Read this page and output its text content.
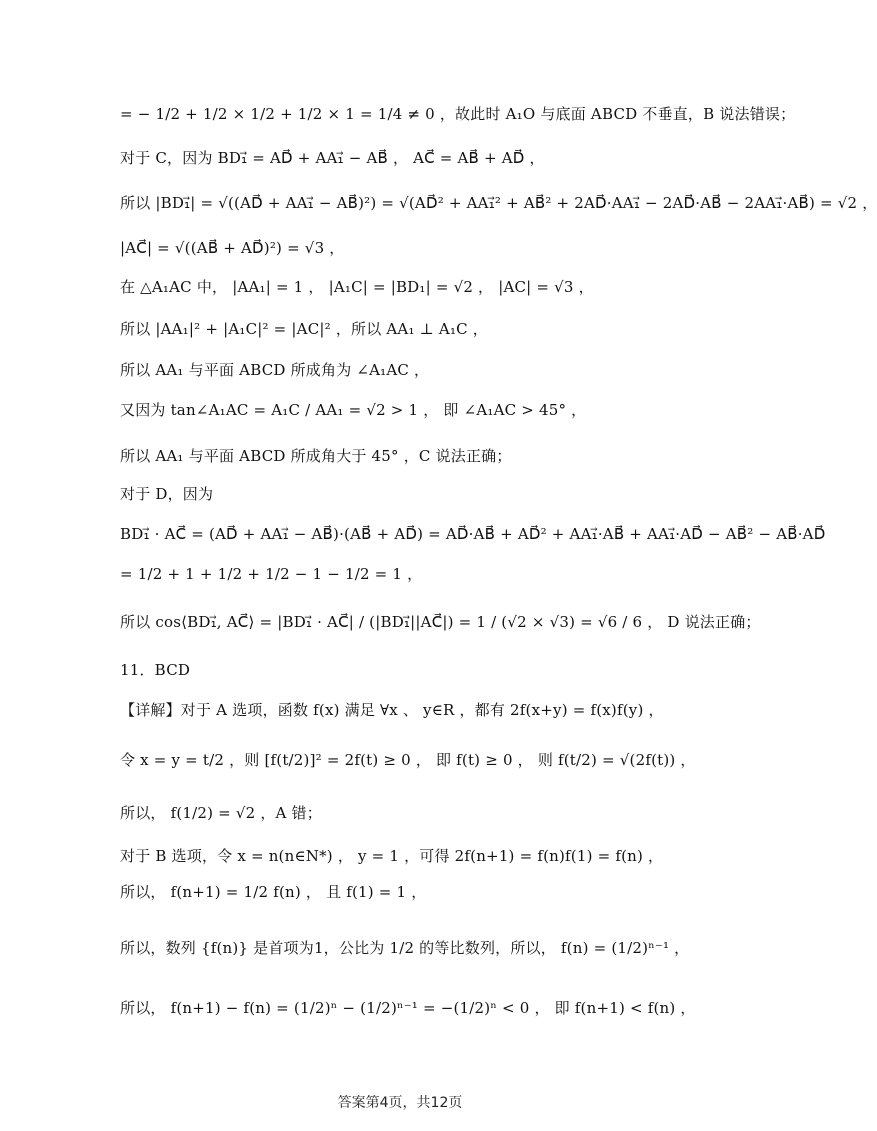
= − 1/2 + 1/2 × 1/2 + 1/2 × 1 = 1/4 ≠ 0 ，故此时 A₁O 与底面 ABCD 不垂直，B 说法错误；
对于 C，因为 BD₁⃗ = AD⃗ + AA₁⃗ − AB⃗ ， AC⃗ = AB⃗ + AD⃗ ，
所以 |BD₁⃗| = √((AD⃗ + AA₁⃗ − AB⃗)²) = √(AD⃗² + AA₁⃗² + AB⃗² + 2AD⃗·AA₁⃗ − 2AD⃗·AB⃗ − 2AA₁⃗·AB⃗) = √2 ，
|AC⃗| = √((AB⃗ + AD⃗)²) = √3 ，
在 △A₁AC 中， |AA₁| = 1 ， |A₁C| = |BD₁| = √2 ， |AC| = √3 ，
所以 |AA₁|² + |A₁C|² = |AC|² ，所以 AA₁ ⊥ A₁C ，
所以 AA₁ 与平面 ABCD 所成角为 ∠A₁AC ，
又因为 tan∠A₁AC = A₁C / AA₁ = √2 > 1 ， 即 ∠A₁AC > 45° ，
所以 AA₁ 与平面 ABCD 所成角大于 45° ，C 说法正确；
对于 D，因为
BD₁⃗ · AC⃗ = (AD⃗ + AA₁⃗ − AB⃗)·(AB⃗ + AD⃗) = AD⃗·AB⃗ + AD⃗² + AA₁⃗·AB⃗ + AA₁⃗·AD⃗ − AB⃗² − AB⃗·AD⃗
= 1/2 + 1 + 1/2 + 1/2 − 1 − 1/2 = 1 ，
所以 cos⟨BD₁⃗, AC⃗⟩ = |BD₁⃗ · AC⃗| / (|BD₁⃗||AC⃗|) = 1 / (√2 × √3) = √6 / 6 ， D 说法正确；
11．BCD
【详解】对于 A 选项，函数 f(x) 满足 ∀x 、 y∈R ，都有 2f(x+y) = f(x)f(y) ，
令 x = y = t/2 ，则 [f(t/2)]² = 2f(t) ≥ 0 ， 即 f(t) ≥ 0 ， 则 f(t/2) = √(2f(t)) ，
所以， f(1/2) = √2 ，A 错；
对于 B 选项，令 x = n(n∈N*) ， y = 1 ，可得 2f(n+1) = f(n)f(1) = f(n) ，
所以， f(n+1) = 1/2 f(n) ， 且 f(1) = 1 ，
所以，数列 {f(n)} 是首项为1，公比为 1/2 的等比数列，所以， f(n) = (1/2)ⁿ⁻¹ ，
所以， f(n+1) − f(n) = (1/2)ⁿ − (1/2)ⁿ⁻¹ = −(1/2)ⁿ < 0 ， 即 f(n+1) < f(n) ，
答案第4页，共12页
